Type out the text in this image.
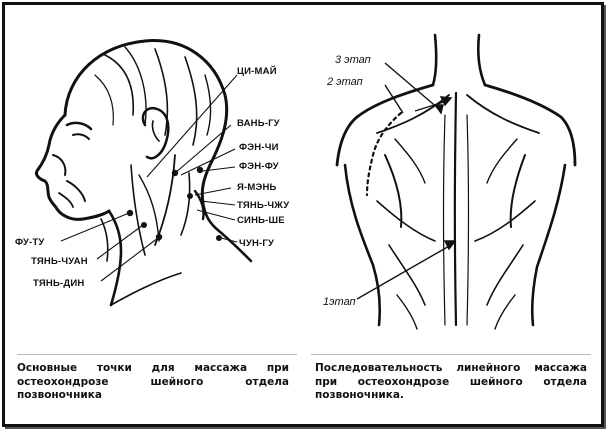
ЦИ-МАЙ
ВАНЬ-ГУ
ФЭН-ЧИ
ФЭН-ФУ
Я-МЭНЬ
ТЯНЬ-ЧЖУ
СИНЬ-ШЕ
ЧУН-ГУ
ФУ-ТУ
ТЯНЬ-ЧУАН
ТЯНЬ-ДИН
3 этап
2 этап
1этап
Основные точки для массажа при остеохондрозе шейного отдела позвоночника
Последовательность линейного массажа при остеохондрозе шейного отдела позвоночника.
